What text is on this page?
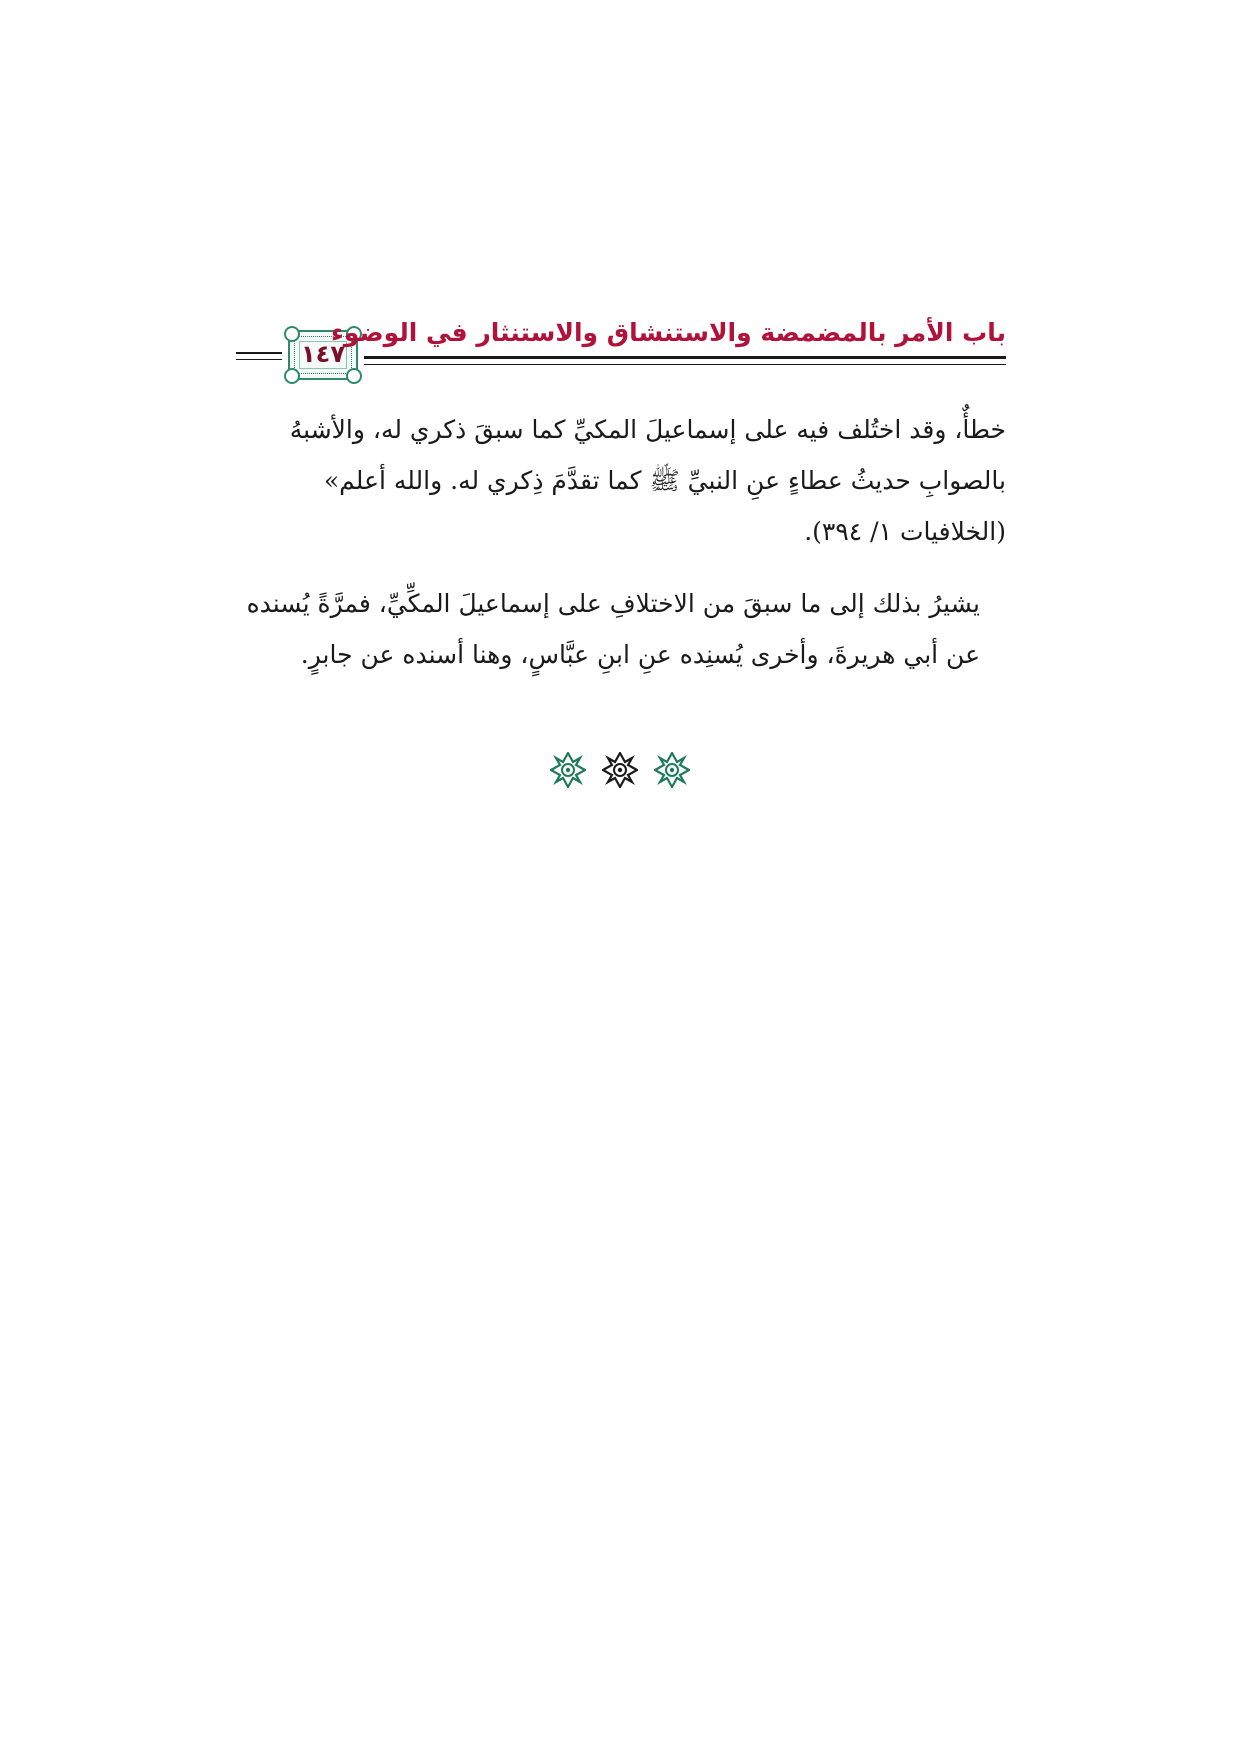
١٤٧
باب الأمر بالمضمضة والاستنشاق والاستنثار في الوضوء
خطأٌ، وقد اختُلف فيه على إسماعيلَ المكيِّ كما سبقَ ذكري له، والأشبهُ
بالصوابِ حديثُ عطاءٍ عنِ النبيِّ ﷺ كما تقدَّمَ ذِكري له. والله أعلم»
(الخلافيات ١/ ٣٩٤).
يشيرُ بذلك إلى ما سبقَ من الاختلافِ على إسماعيلَ المكِّيِّ، فمرَّةً يُسنده
عن أبي هريرةَ، وأخرى يُسنِده عنِ ابنِ عبَّاسٍ، وهنا أسنده عن جابرٍ.
